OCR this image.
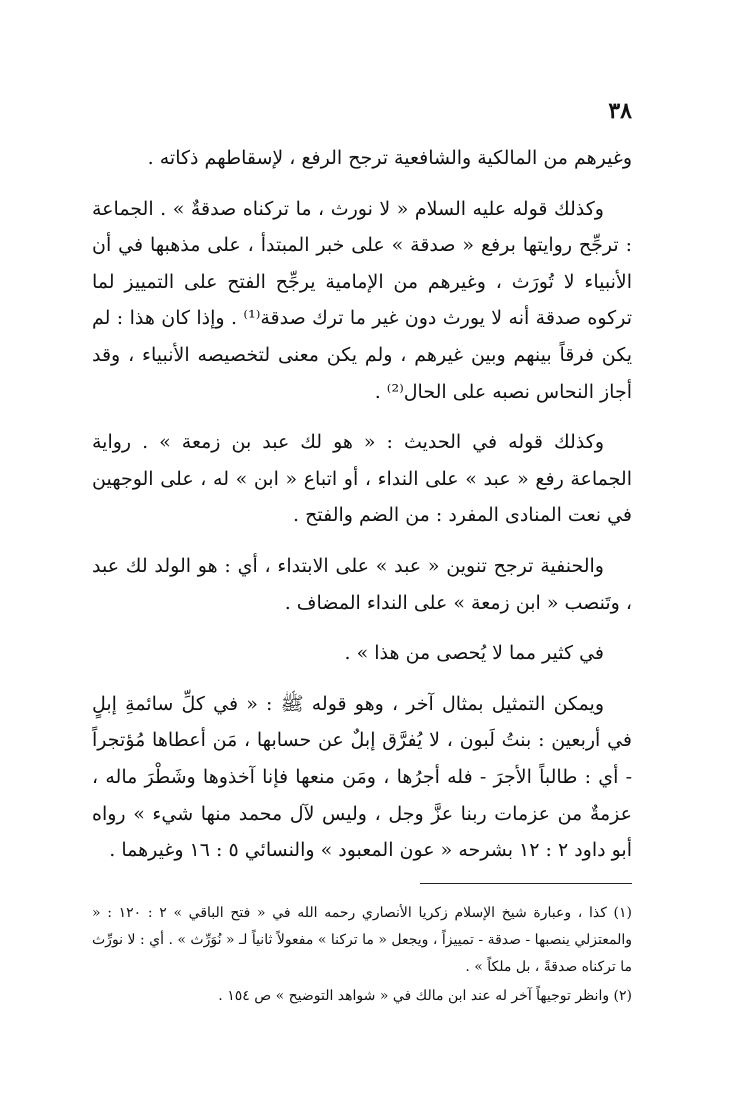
٣٨

وغيرهم من المالكية والشافعية ترجح الرفع ، لإسقاطهم ذكاته .

وكذلك قوله عليه السلام « لا نورث ، ما تركناه صدقةٌ » . الجماعة : ترجِّح روايتها برفع « صدقة » على خبر المبتدأ ، على مذهبها في أن الأنبياء لا تُورَث ، وغيرهم من الإمامية يرجِّح الفتح على التمييز لما تركوه صدقة أنه لا يورث دون غير ما ترك صدقة⁽¹⁾ . وإذا كان هذا : لم يكن فرقاً بينهم وبين غيرهم ، ولم يكن معنى لتخصيصه الأنبياء ، وقد أجاز النحاس نصبه على الحال⁽²⁾ .

وكذلك قوله في الحديث : « هو لك عبد بن زمعة » . رواية الجماعة رفع « عبد » على النداء ، أو اتباع « ابن » له ، على الوجهين في نعت المنادى المفرد : من الضم والفتح .

والحنفية ترجح تنوين « عبد » على الابتداء ، أي : هو الولد لك عبد ، وتَنصب « ابن زمعة » على النداء المضاف .

في كثير مما لا يُحصى من هذا » .

ويمكن التمثيل بمثال آخر ، وهو قوله ﷺ : « في كلِّ سائمةِ إبلٍ في أربعين : بنتُ لَبون ، لا يُفرَّق إبلٌ عن حسابها ، مَن أعطاها مُؤتجراً - أي : طالباً الأجرَ - فله أجرُها ، ومَن منعها فإنا آخذوها وشَطْرَ ماله ، عزمةٌ من عزمات ربنا عزَّ وجل ، وليس لآل محمد منها شيء » رواه أبو داود ٢ : ١٢ بشرحه « عون المعبود » والنسائي ٥ : ١٦ وغيرهما .

(١) كذا ، وعبارة شيخ الإسلام زكريا الأنصاري رحمه الله في « فتح الباقي » ٢ : ١٢٠ : « والمعتزلي ينصبها - صدقة - تمييزاً ، ويجعل « ما تركنا » مفعولاً ثانياً لـ « نُوَرِّث » . أي : لا نورِّث ما تركناه صدقةً ، بل ملكاً » .

(٢) وانظر توجيهاً آخر له عند ابن مالك في « شواهد التوضيح » ص ١٥٤ .
